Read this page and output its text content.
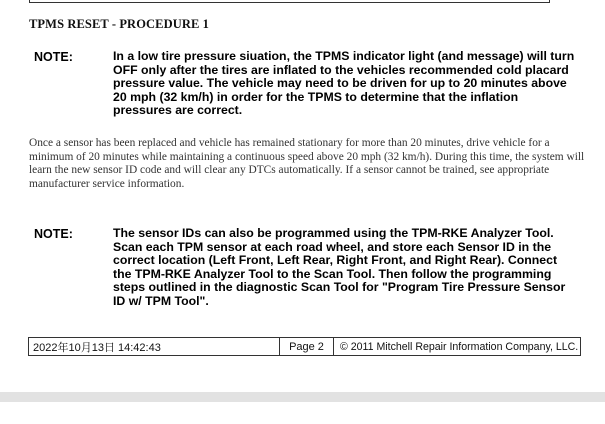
TPMS RESET - PROCEDURE 1
NOTE:	In a low tire pressure siuation, the TPMS indicator light (and message) will turn OFF only after the tires are inflated to the vehicles recommended cold placard pressure value. The vehicle may need to be driven for up to 20 minutes above 20 mph (32 km/h) in order for the TPMS to determine that the inflation pressures are correct.
Once a sensor has been replaced and vehicle has remained stationary for more than 20 minutes, drive vehicle for a minimum of 20 minutes while maintaining a continuous speed above 20 mph (32 km/h). During this time, the system will learn the new sensor ID code and will clear any DTCs automatically. If a sensor cannot be trained, see appropriate manufacturer service information.
NOTE:	The sensor IDs can also be programmed using the TPM-RKE Analyzer Tool. Scan each TPM sensor at each road wheel, and store each Sensor ID in the correct location (Left Front, Left Rear, Right Front, and Right Rear). Connect the TPM-RKE Analyzer Tool to the Scan Tool. Then follow the programming steps outlined in the diagnostic Scan Tool for "Program Tire Pressure Sensor ID w/ TPM Tool".
2022年10月13日 14:42:43	Page 2	© 2011 Mitchell Repair Information Company, LLC.
